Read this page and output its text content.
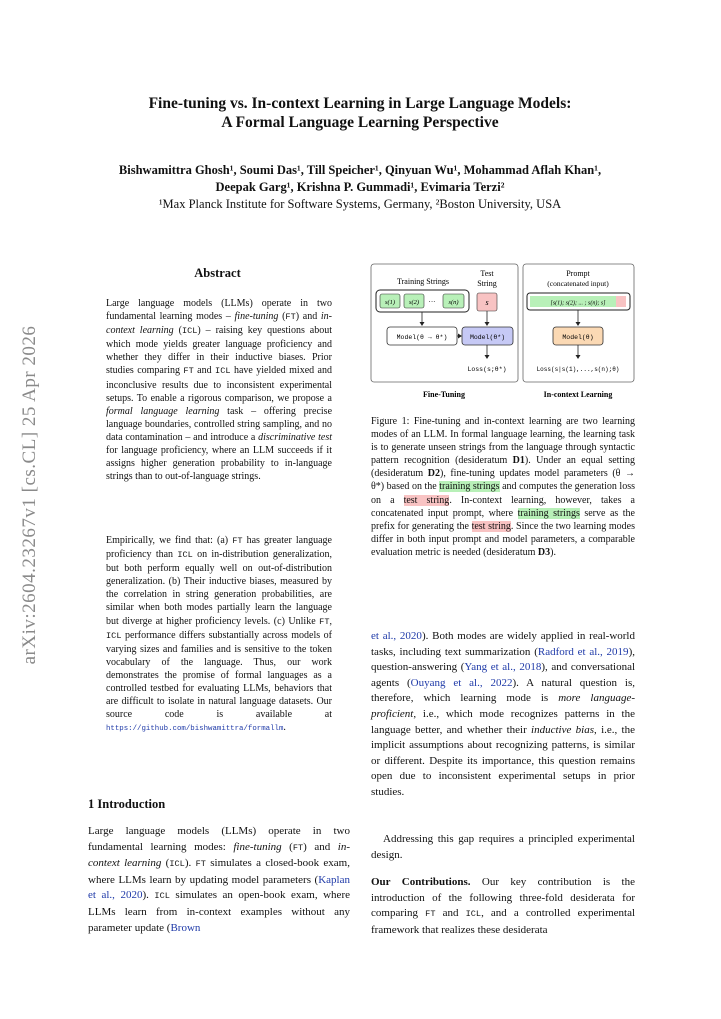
Fine-tuning vs. In-context Learning in Large Language Models:
A Formal Language Learning Perspective
Bishwamittra Ghosh¹, Soumi Das¹, Till Speicher¹, Qinyuan Wu¹, Mohammad Aflah Khan¹,
Deepak Garg¹, Krishna P. Gummadi¹, Evimaria Terzi²
¹Max Planck Institute for Software Systems, Germany, ²Boston University, USA
arXiv:2604.23267v1 [cs.CL] 25 Apr 2026
Abstract
Large language models (LLMs) operate in two fundamental learning modes – fine-tuning (FT) and in-context learning (ICL) – raising key questions about which mode yields greater language proficiency and whether they differ in their inductive biases. Prior studies comparing FT and ICL have yielded mixed and inconclusive results due to inconsistent experimental setups. To enable a rigorous comparison, we propose a formal language learning task – offering precise language boundaries, controlled string sampling, and no data contamination – and introduce a discriminative test for language proficiency, where an LLM succeeds if it assigns higher generation probability to in-language strings than to out-of-language strings.
Empirically, we find that: (a) FT has greater language proficiency than ICL on in-distribution generalization, but both perform equally well on out-of-distribution generalization. (b) Their inductive biases, measured by the correlation in string generation probabilities, are similar when both modes partially learn the language but diverge at higher proficiency levels. (c) Unlike FT, ICL performance differs substantially across models of varying sizes and families and is sensitive to the token vocabulary of the language. Thus, our work demonstrates the promise of formal languages as a controlled testbed for evaluating LLMs, behaviors that are difficult to isolate in natural language datasets. Our source code is available at https://github.com/bishwamittra/formallm.
1 Introduction
Large language models (LLMs) operate in two fundamental learning modes: fine-tuning (FT) and in-context learning (ICL). FT simulates a closed-book exam, where LLMs learn by updating model parameters (Kaplan et al., 2020). ICL simulates an open-book exam, where LLMs learn from in-context examples without any parameter update (Brown
Training Strings
Test
String
s(1) s(2) ··· s(n)	s
Model(θ → θ*)	Model(θ*)
Loss(s;θ*)
Fine-Tuning
Prompt
(concatenated input)
[s(1); s(2); ... ; s(n); s]
Model(θ)
Loss(s|s(1),...,s(n);θ)
In-context Learning
Figure 1: Fine-tuning and in-context learning are two learning modes of an LLM. In formal language learning, the learning task is to generate unseen strings from the language through syntactic pattern recognition (desideratum D1). Under an equal setting (desideratum D2), fine-tuning updates model parameters (θ → θ*) based on the training strings and computes the generation loss on a test string. In-context learning, however, takes a concatenated input prompt, where training strings serve as the prefix for generating the test string. Since the two learning modes differ in both input prompt and model parameters, a comparable evaluation metric is needed (desideratum D3).
et al., 2020). Both modes are widely applied in real-world tasks, including text summarization (Radford et al., 2019), question-answering (Yang et al., 2018), and conversational agents (Ouyang et al., 2022). A natural question is, therefore, which learning mode is more language-proficient, i.e., which mode recognizes patterns in the language better, and whether their inductive bias, i.e., the implicit assumptions about recognizing patterns, is similar or different. Despite its importance, this question remains open due to inconsistent experimental setups in prior studies.
Addressing this gap requires a principled experimental design.
Our Contributions. Our key contribution is the introduction of the following three-fold desiderata for comparing FT and ICL, and a controlled experimental framework that realizes these desiderata
